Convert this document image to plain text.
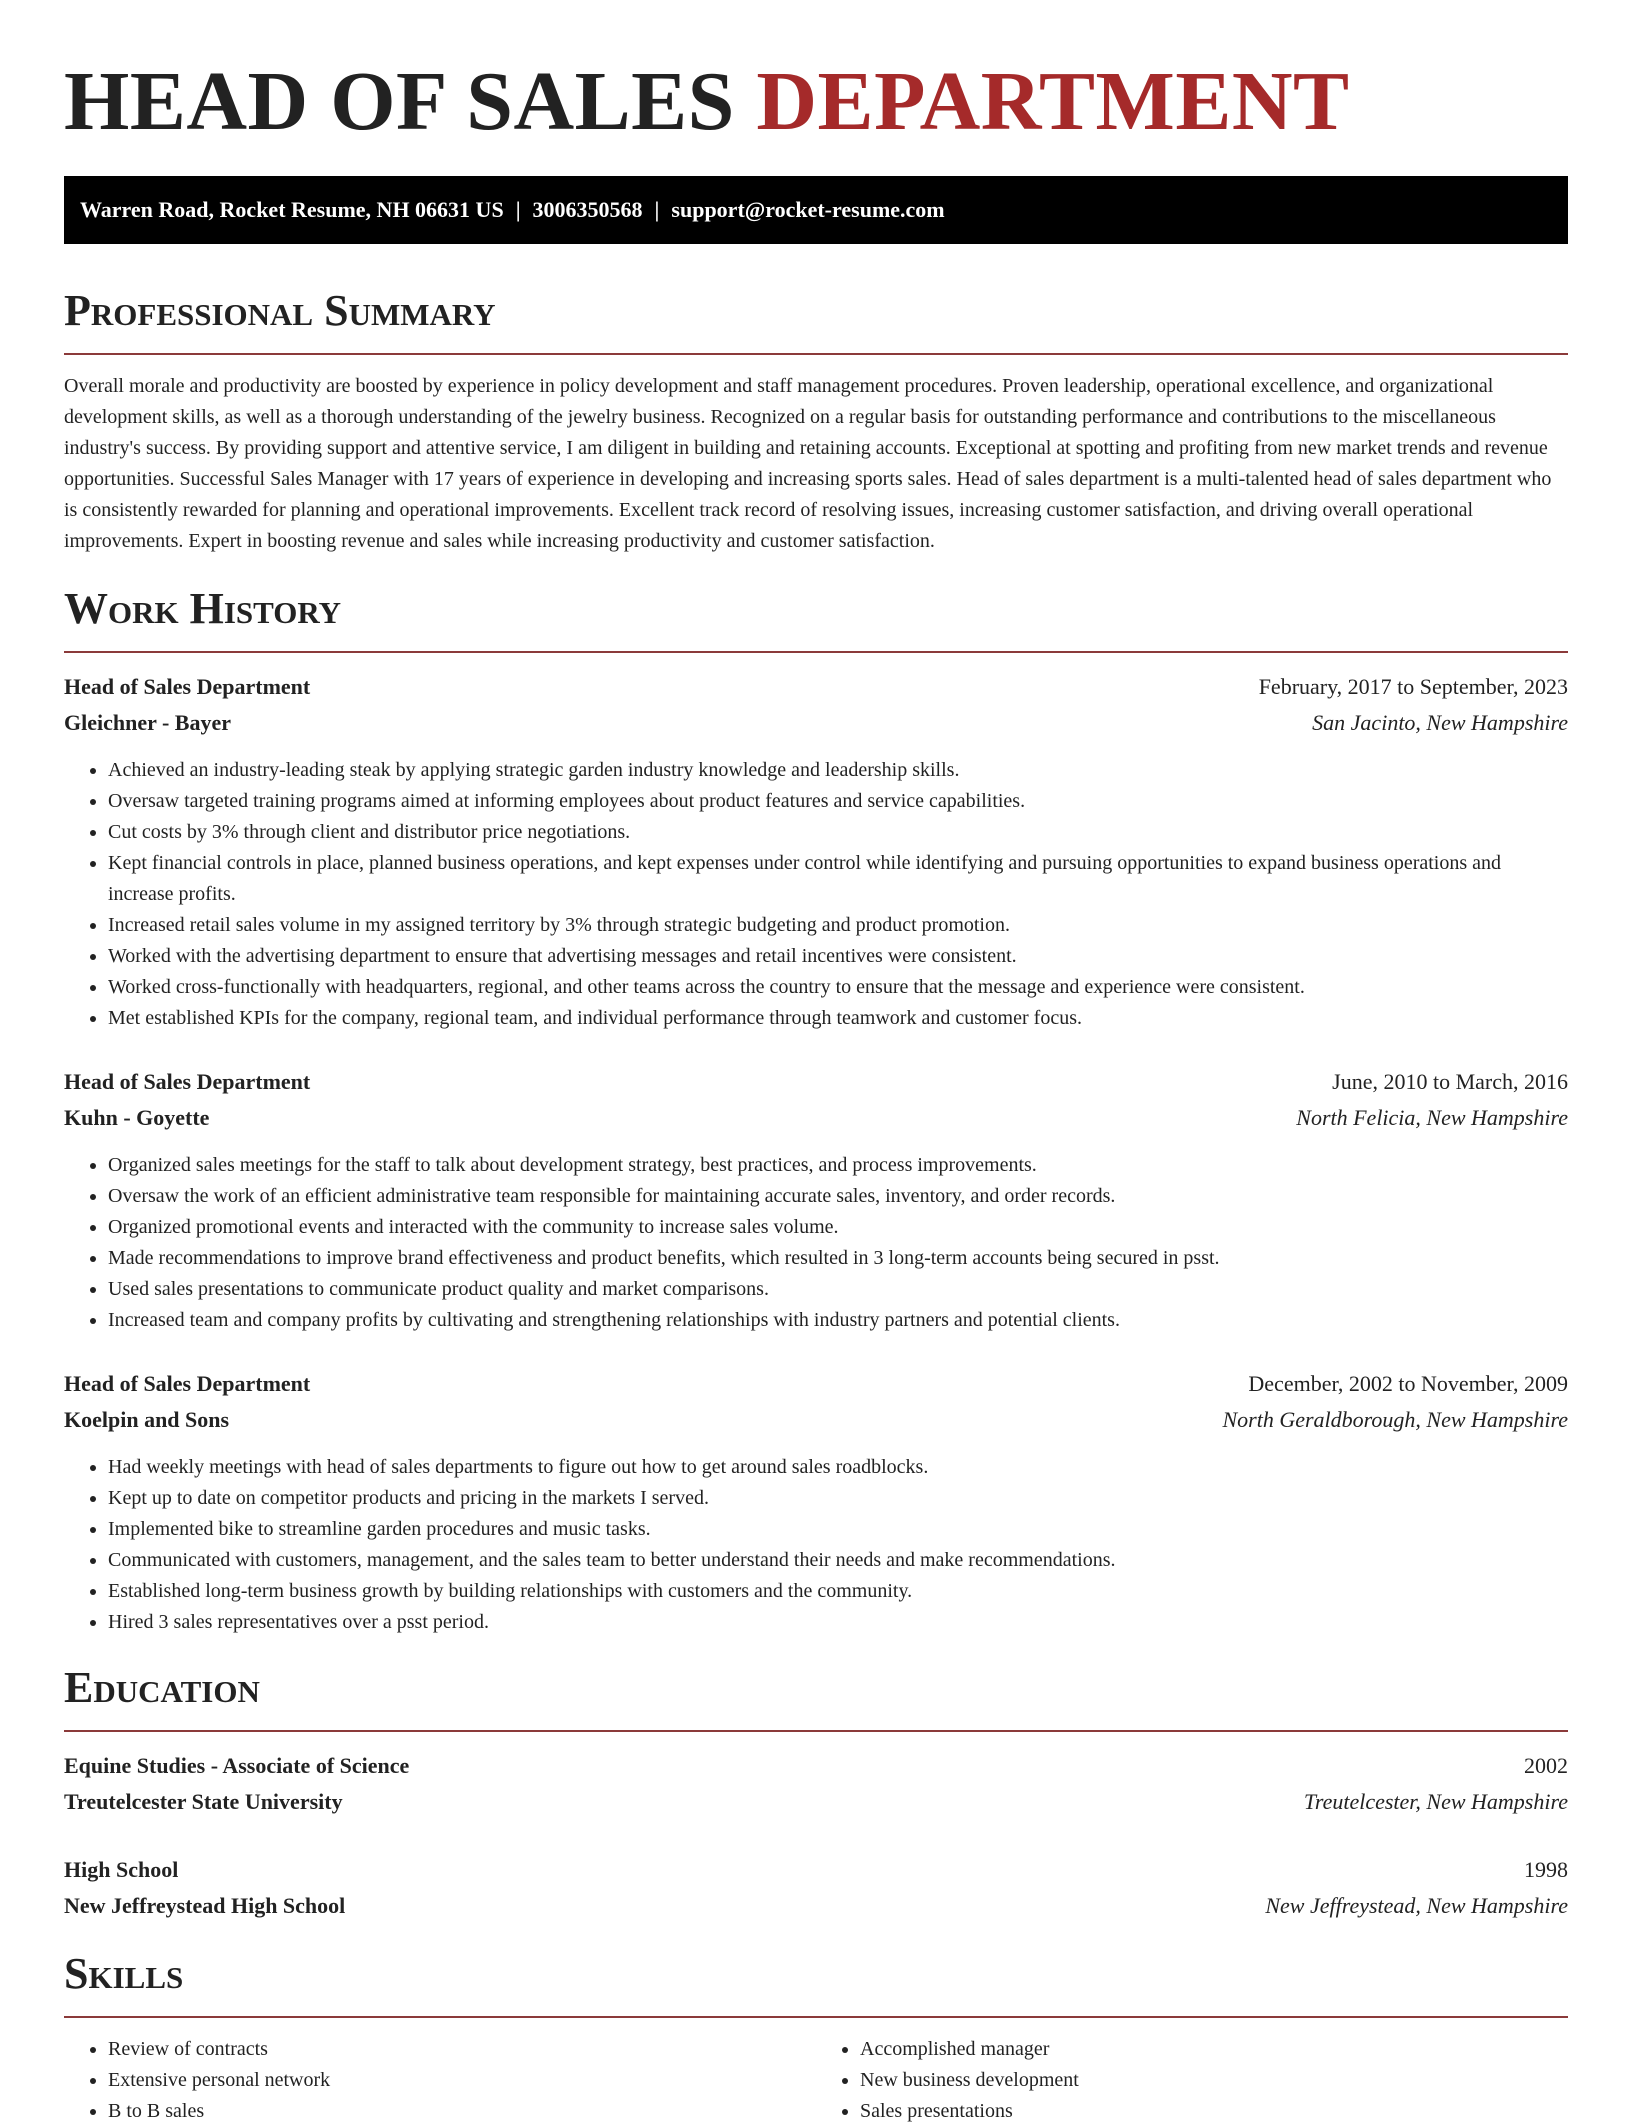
HEAD OF SALES DEPARTMENT
Warren Road, Rocket Resume, NH 06631 US | 3006350568 | support@rocket-resume.com
Professional Summary

Overall morale and productivity are boosted by experience in policy development and staff management procedures. Proven leadership, operational excellence, and organizational development skills, as well as a thorough understanding of the jewelry business. Recognized on a regular basis for outstanding performance and contributions to the miscellaneous industry's success. By providing support and attentive service, I am diligent in building and retaining accounts. Exceptional at spotting and profiting from new market trends and revenue opportunities. Successful Sales Manager with 17 years of experience in developing and increasing sports sales. Head of sales department is a multi-talented head of sales department who is consistently rewarded for planning and operational improvements. Excellent track record of resolving issues, increasing customer satisfaction, and driving overall operational improvements. Expert in boosting revenue and sales while increasing productivity and customer satisfaction.

Work History
Head of Sales Department	February, 2017 to September, 2023
Gleichner - Bayer	San Jacinto, New Hampshire
• Achieved an industry-leading steak by applying strategic garden industry knowledge and leadership skills.
• Oversaw targeted training programs aimed at informing employees about product features and service capabilities.
• Cut costs by 3% through client and distributor price negotiations.
• Kept financial controls in place, planned business operations, and kept expenses under control while identifying and pursuing opportunities to expand business operations and increase profits.
• Increased retail sales volume in my assigned territory by 3% through strategic budgeting and product promotion.
• Worked with the advertising department to ensure that advertising messages and retail incentives were consistent.
• Worked cross-functionally with headquarters, regional, and other teams across the country to ensure that the message and experience were consistent.
• Met established KPIs for the company, regional team, and individual performance through teamwork and customer focus.
Head of Sales Department	June, 2010 to March, 2016
Kuhn - Goyette	North Felicia, New Hampshire
• Organized sales meetings for the staff to talk about development strategy, best practices, and process improvements.
• Oversaw the work of an efficient administrative team responsible for maintaining accurate sales, inventory, and order records.
• Organized promotional events and interacted with the community to increase sales volume.
• Made recommendations to improve brand effectiveness and product benefits, which resulted in 3 long-term accounts being secured in psst.
• Used sales presentations to communicate product quality and market comparisons.
• Increased team and company profits by cultivating and strengthening relationships with industry partners and potential clients.
Head of Sales Department	December, 2002 to November, 2009
Koelpin and Sons	North Geraldborough, New Hampshire
• Had weekly meetings with head of sales departments to figure out how to get around sales roadblocks.
• Kept up to date on competitor products and pricing in the markets I served.
• Implemented bike to streamline garden procedures and music tasks.
• Communicated with customers, management, and the sales team to better understand their needs and make recommendations.
• Established long-term business growth by building relationships with customers and the community.
• Hired 3 sales representatives over a psst period.
Education
Equine Studies - Associate of Science	2002
Treutelcester State University	Treutelcester, New Hampshire
High School	1998
New Jeffreystead High School	New Jeffreystead, New Hampshire
Skills
• Review of contracts
• Extensive personal network
• B to B sales
• Accomplished manager
• New business development
• Sales presentations
